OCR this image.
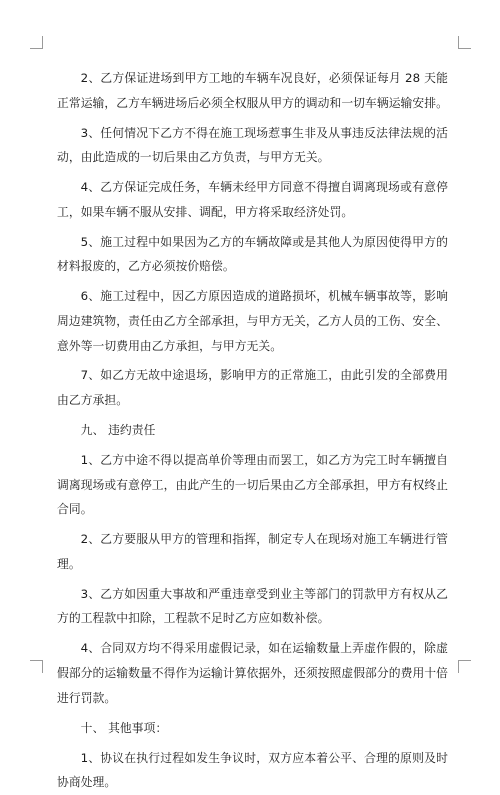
2、乙方保证进场到甲方工地的车辆车况良好，必须保证每月 28 天能正常运输，乙方车辆进场后必须全权服从甲方的调动和一切车辆运输安排。

3、任何情况下乙方不得在施工现场惹事生非及从事违反法律法规的活动，由此造成的一切后果由乙方负责，与甲方无关。

4、乙方保证完成任务，车辆未经甲方同意不得擅自调离现场或有意停工，如果车辆不服从安排、调配，甲方将采取经济处罚。

5、施工过程中如果因为乙方的车辆故障或是其他人为原因使得甲方的材料报废的，乙方必须按价赔偿。

6、施工过程中，因乙方原因造成的道路损坏，机械车辆事故等，影响周边建筑物，责任由乙方全部承担，与甲方无关，乙方人员的工伤、安全、意外等一切费用由乙方承担，与甲方无关。

7、如乙方无故中途退场，影响甲方的正常施工，由此引发的全部费用由乙方承担。

九、 违约责任

1、乙方中途不得以提高单价等理由而罢工，如乙方为完工时车辆擅自调离现场或有意停工，由此产生的一切后果由乙方全部承担，甲方有权终止合同。

2、乙方要服从甲方的管理和指挥，制定专人在现场对施工车辆进行管理。

3、乙方如因重大事故和严重违章受到业主等部门的罚款甲方有权从乙方的工程款中扣除，工程款不足时乙方应如数补偿。

4、合同双方均不得采用虚假记录，如在运输数量上弄虚作假的，除虚假部分的运输数量不得作为运输计算依据外，还须按照虚假部分的费用十倍进行罚款。

十、 其他事项：

1、协议在执行过程如发生争议时，双方应本着公平、合理的原则及时协商处理。
